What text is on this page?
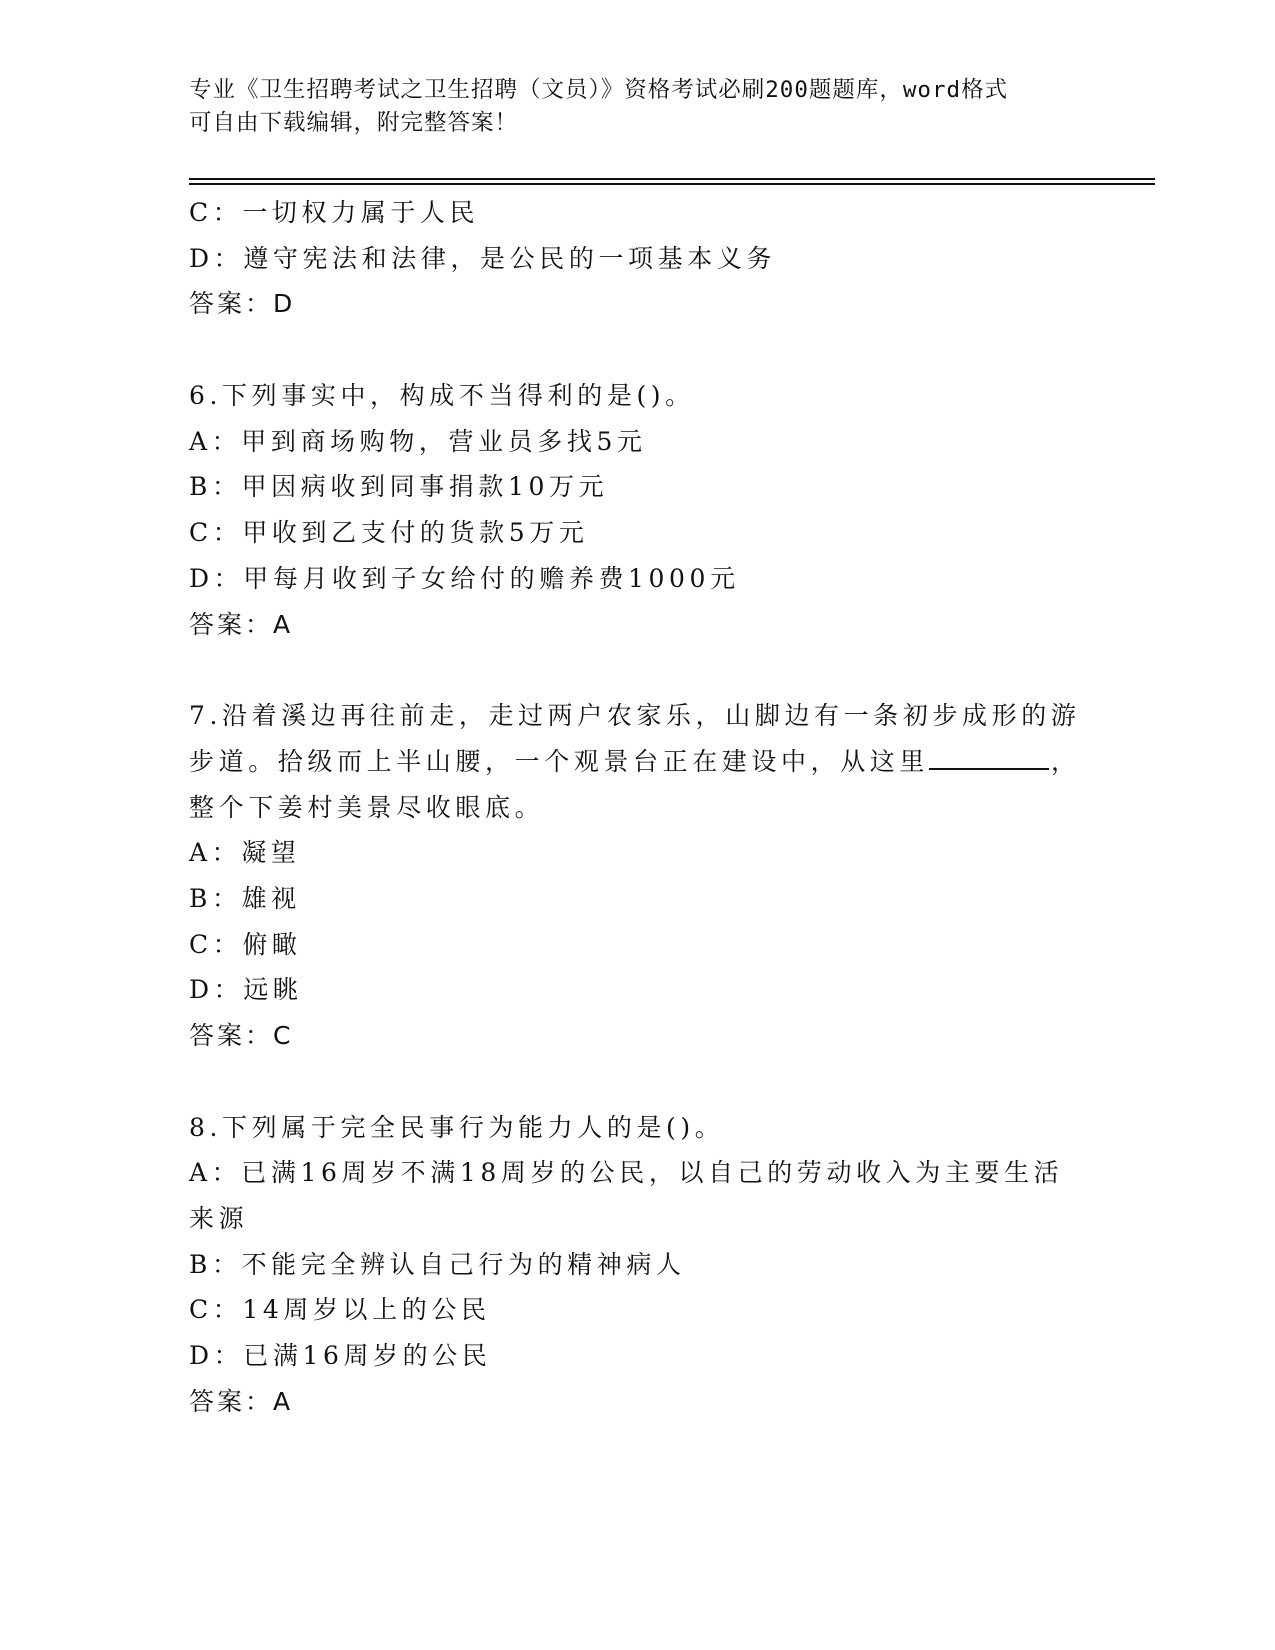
专业《卫生招聘考试之卫生招聘（文员）》资格考试必刷200题题库，word格式
可自由下载编辑，附完整答案！
C：一切权力属于人民
D：遵守宪法和法律，是公民的一项基本义务
答案：D
6.下列事实中，构成不当得利的是()。
A：甲到商场购物，营业员多找5元
B：甲因病收到同事捐款10万元
C：甲收到乙支付的货款5万元
D：甲每月收到子女给付的赡养费1000元
答案：A
7.沿着溪边再往前走，走过两户农家乐，山脚边有一条初步成形的游
步道。拾级而上半山腰，一个观景台正在建设中，从这里	，
整个下姜村美景尽收眼底。
A：凝望
B：雄视
C：俯瞰
D：远眺
答案：C
8.下列属于完全民事行为能力人的是()。
A：已满16周岁不满18周岁的公民，以自己的劳动收入为主要生活来源
B：不能完全辨认自己行为的精神病人
C：14周岁以上的公民
D：已满16周岁的公民
答案：A
